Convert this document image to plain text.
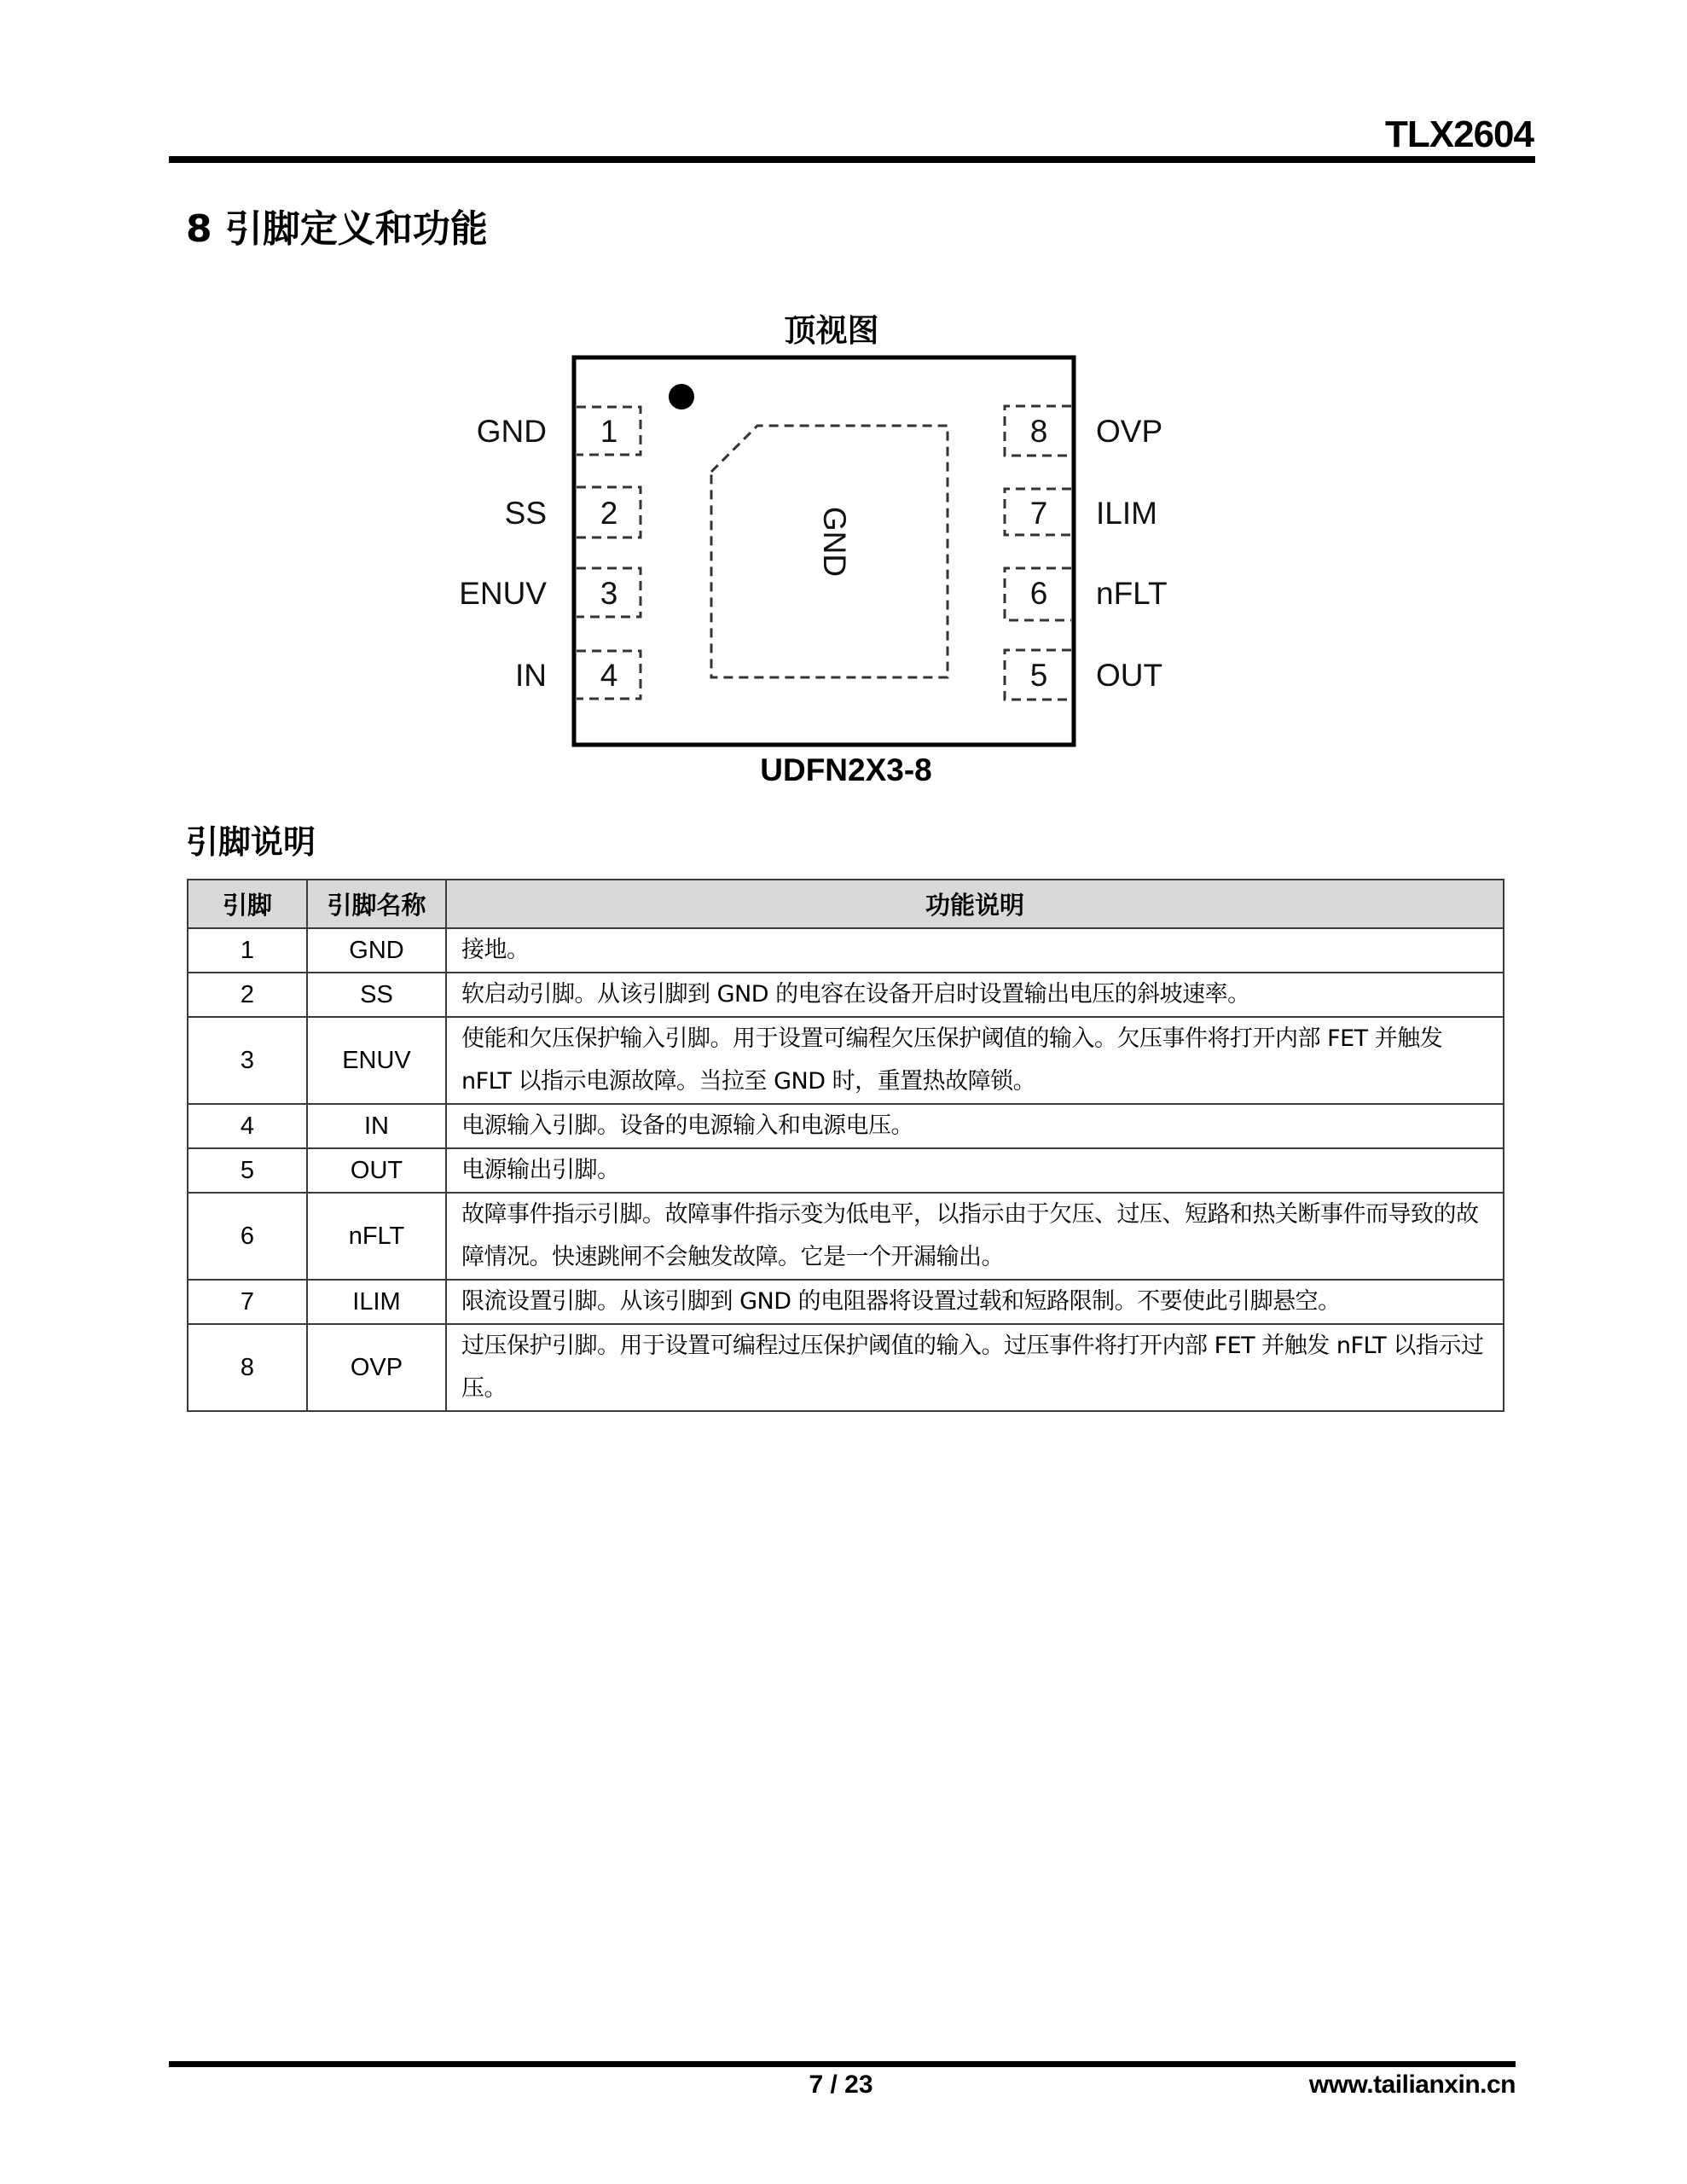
TLX2604
8 引脚定义和功能
顶视图
GND
1
GND
2
SS
3
ENUV
4
IN
8 OVP
7 ILIM
6 nFLT
5 OUT
UDFN2X3-8
引脚说明
引脚	引脚名称	功能说明
1	GND	接地。
2	SS	软启动引脚。从该引脚到 GND 的电容在设备开启时设置输出电压的斜坡速率。
3	ENUV	使能和欠压保护输入引脚。用于设置可编程欠压保护阈值的输入。欠压事件将打开内部 FET 并触发 nFLT 以指示电源故障。当拉至 GND 时，重置热故障锁。
4	IN	电源输入引脚。设备的电源输入和电源电压。
5	OUT	电源输出引脚。
6	nFLT	故障事件指示引脚。故障事件指示变为低电平，以指示由于欠压、过压、短路和热关断事件而导致的故障情况。快速跳闸不会触发故障。它是一个开漏输出。
7	ILIM	限流设置引脚。从该引脚到 GND 的电阻器将设置过载和短路限制。不要使此引脚悬空。
8	OVP	过压保护引脚。用于设置可编程过压保护阈值的输入。过压事件将打开内部 FET 并触发 nFLT 以指示过压。
7 / 23	www.tailianxin.cn
